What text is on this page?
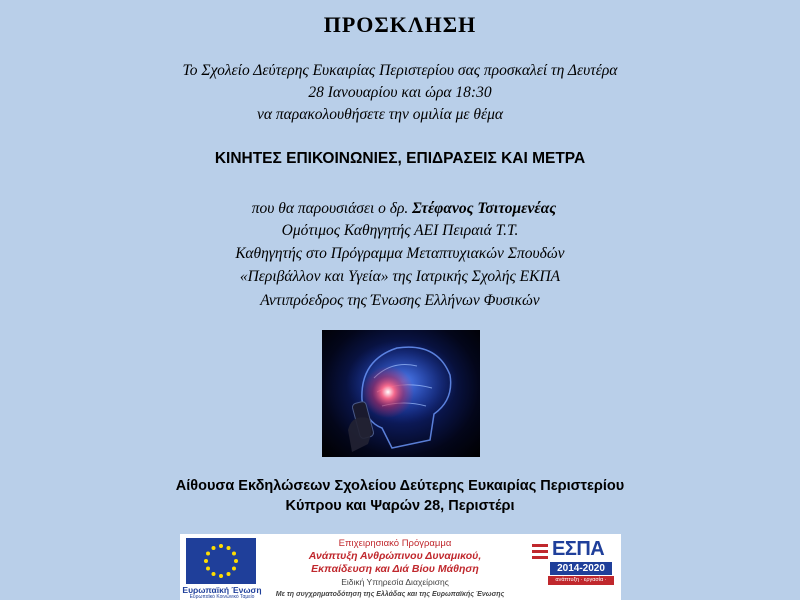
ΠΡΟΣΚΛΗΣΗ
Το Σχολείο Δεύτερης Ευκαιρίας Περιστερίου σας προσκαλεί τη Δευτέρα
28 Ιανουαρίου και ώρα 18:30
να παρακολουθήσετε την ομιλία με θέμα
ΚΙΝΗΤΕΣ ΕΠΙΚΟΙΝΩΝΙΕΣ, ΕΠΙΔΡΑΣΕΙΣ ΚΑΙ ΜΕΤΡΑ
που θα παρουσιάσει ο δρ. Στέφανος Τσιτομενέας
Ομότιμος Καθηγητής ΑΕΙ Πειραιά Τ.Τ.
Καθηγητής στο Πρόγραμμα Μεταπτυχιακών Σπουδών
«Περιβάλλον και Υγεία» της Ιατρικής Σχολής ΕΚΠΑ
Αντιπρόεδρος της Ένωσης Ελλήνων Φυσικών
Αίθουσα Εκδηλώσεων Σχολείου Δεύτερης Ευκαιρίας Περιστερίου
Κύπρου και Ψαρών 28, Περιστέρι
Ευρωπαϊκή Ένωση
Ευρωπαϊκό Κοινωνικό Ταμείο
Επιχειρησιακό Πρόγραμμα
Ανάπτυξη Ανθρώπινου Δυναμικού,
Εκπαίδευση και Διά Βίου Μάθηση
Ειδική Υπηρεσία Διαχείρισης
Με τη συγχρηματοδότηση της Ελλάδας και της Ευρωπαϊκής Ένωσης
ΕΣΠΑ
2014-2020
ανάπτυξη · εργασία · αλληλεγγύη
